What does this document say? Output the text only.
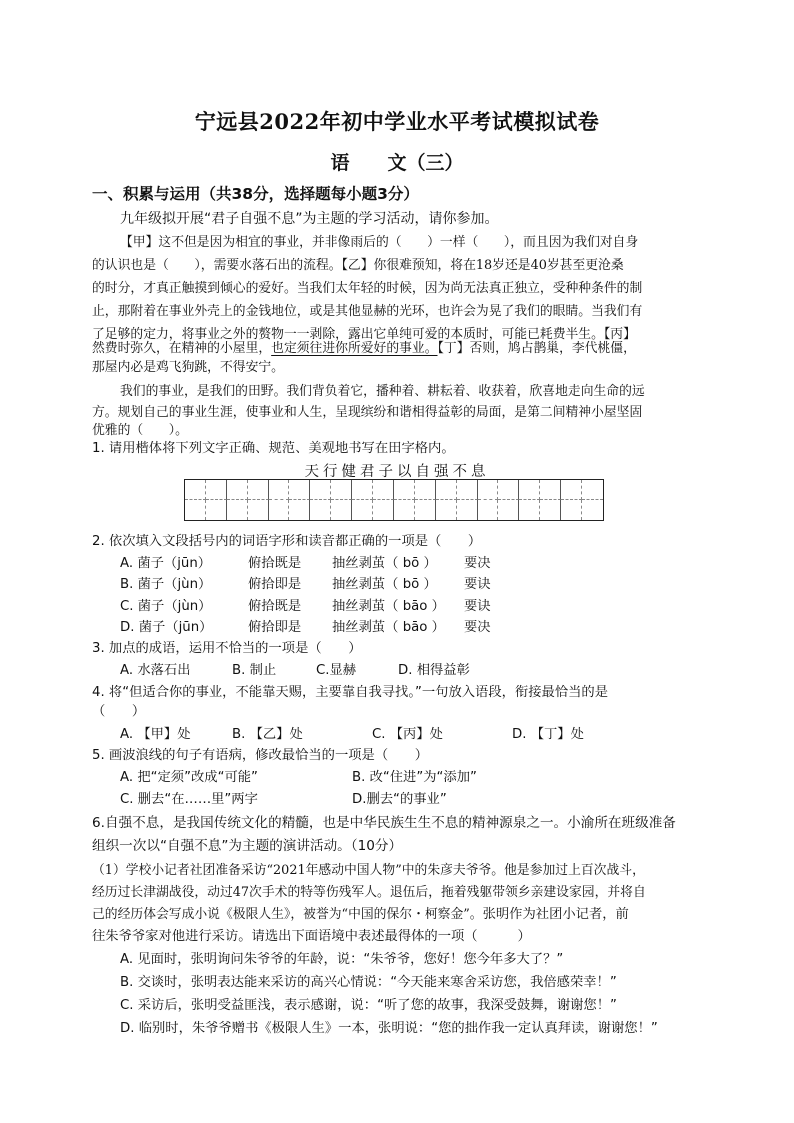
宁远县2022年初中学业水平考试模拟试卷
语　　文（三）
一、积累与运用（共38分，选择题每小题3分）
九年级拟开展“君子自强不息”为主题的学习活动，请你参加。
【甲】这不但是因为相宜的事业，并非像雨后的（　　）一样（　　），而且因为我们对自身
的认识也是（　　），需要水落石出的流程。【乙】你很难预知，将在18岁还是40岁甚至更沧桑
的时分，才真正触摸到倾心的爱好。当我们太年轻的时候，因为尚无法真正独立，受种种条件的制
止，那附着在事业外壳上的金钱地位，或是其他显赫的光环，也许会为晃了我们的眼睛。当我们有
了足够的定力，将事业之外的赘物一一剥除，露出它单纯可爱的本质时，可能已耗费半生。【丙】
然费时弥久，在精神的小屋里，也定须往进你所爱好的事业。【丁】否则，鸠占鹊巢，李代桃僵，
那屋内必是鸡飞狗跳，不得安宁。
我们的事业，是我们的田野。我们背负着它，播种着、耕耘着、收获着，欣喜地走向生命的远
方。规划自己的事业生涯，使事业和人生，呈现缤纷和谐相得益彰的局面，是第二间精神小屋坚固
优雅的（　　）。
1. 请用楷体将下列文字正确、规范、美观地书写在田字格内。
天行健君子以自强不息
2. 依次填入文段括号内的词语字形和读音都正确的一项是（　　）
A. 菌子（jūn）	俯拾既是 抽丝剥茧（ bō ） 要决
B. 菌子（jùn）	俯拾即是 抽丝剥茧（ bō ） 要诀
C. 菌子（jùn）	俯拾既是 抽丝剥茧（ bāo ） 要诀
D. 菌子（jūn）	俯拾即是 抽丝剥茧（ bāo ） 要决
3. 加点的成语，运用不恰当的一项是（　　）
A. 水落石出	B. 制止	C.显赫	D. 相得益彰
4. 将“但适合你的事业，不能靠天赐，主要靠自我寻找。”一句放入语段，衔接最恰当的是
（　　）
A. 【甲】处	B. 【乙】处	C. 【丙】处	D. 【丁】处
5. 画波浪线的句子有语病，修改最恰当的一项是（　　）
A. 把“定须”改成“可能”	B. 改“住进”为“添加”
C. 删去“在……里”两字	D.删去“的事业”
6.自强不息，是我国传统文化的精髓，也是中华民族生生不息的精神源泉之一。小渝所在班级准备
组织一次以“自强不息”为主题的演讲活动。（10分）
（1）学校小记者社团准备采访“2021年感动中国人物”中的朱彦夫爷爷。他是参加过上百次战斗，
经历过长津湖战役，动过47次手术的特等伤残军人。退伍后，拖着残躯带领乡亲建设家园，并将自
己的经历体会写成小说《极限人生》，被誉为“中国的保尔・柯察金”。张明作为社团小记者，前
往朱爷爷家对他进行采访。请选出下面语境中表述最得体的一项（　　　）
A. 见面时，张明询问朱爷爷的年龄，说：“朱爷爷，您好！您今年多大了？”
B. 交谈时，张明表达能来采访的高兴心情说：“今天能来寒舍采访您，我倍感荣幸！”
C. 采访后，张明受益匪浅，表示感谢，说：“听了您的故事，我深受鼓舞，谢谢您！”
D. 临别时，朱爷爷赠书《极限人生》一本，张明说：“您的拙作我一定认真拜读，谢谢您！”
